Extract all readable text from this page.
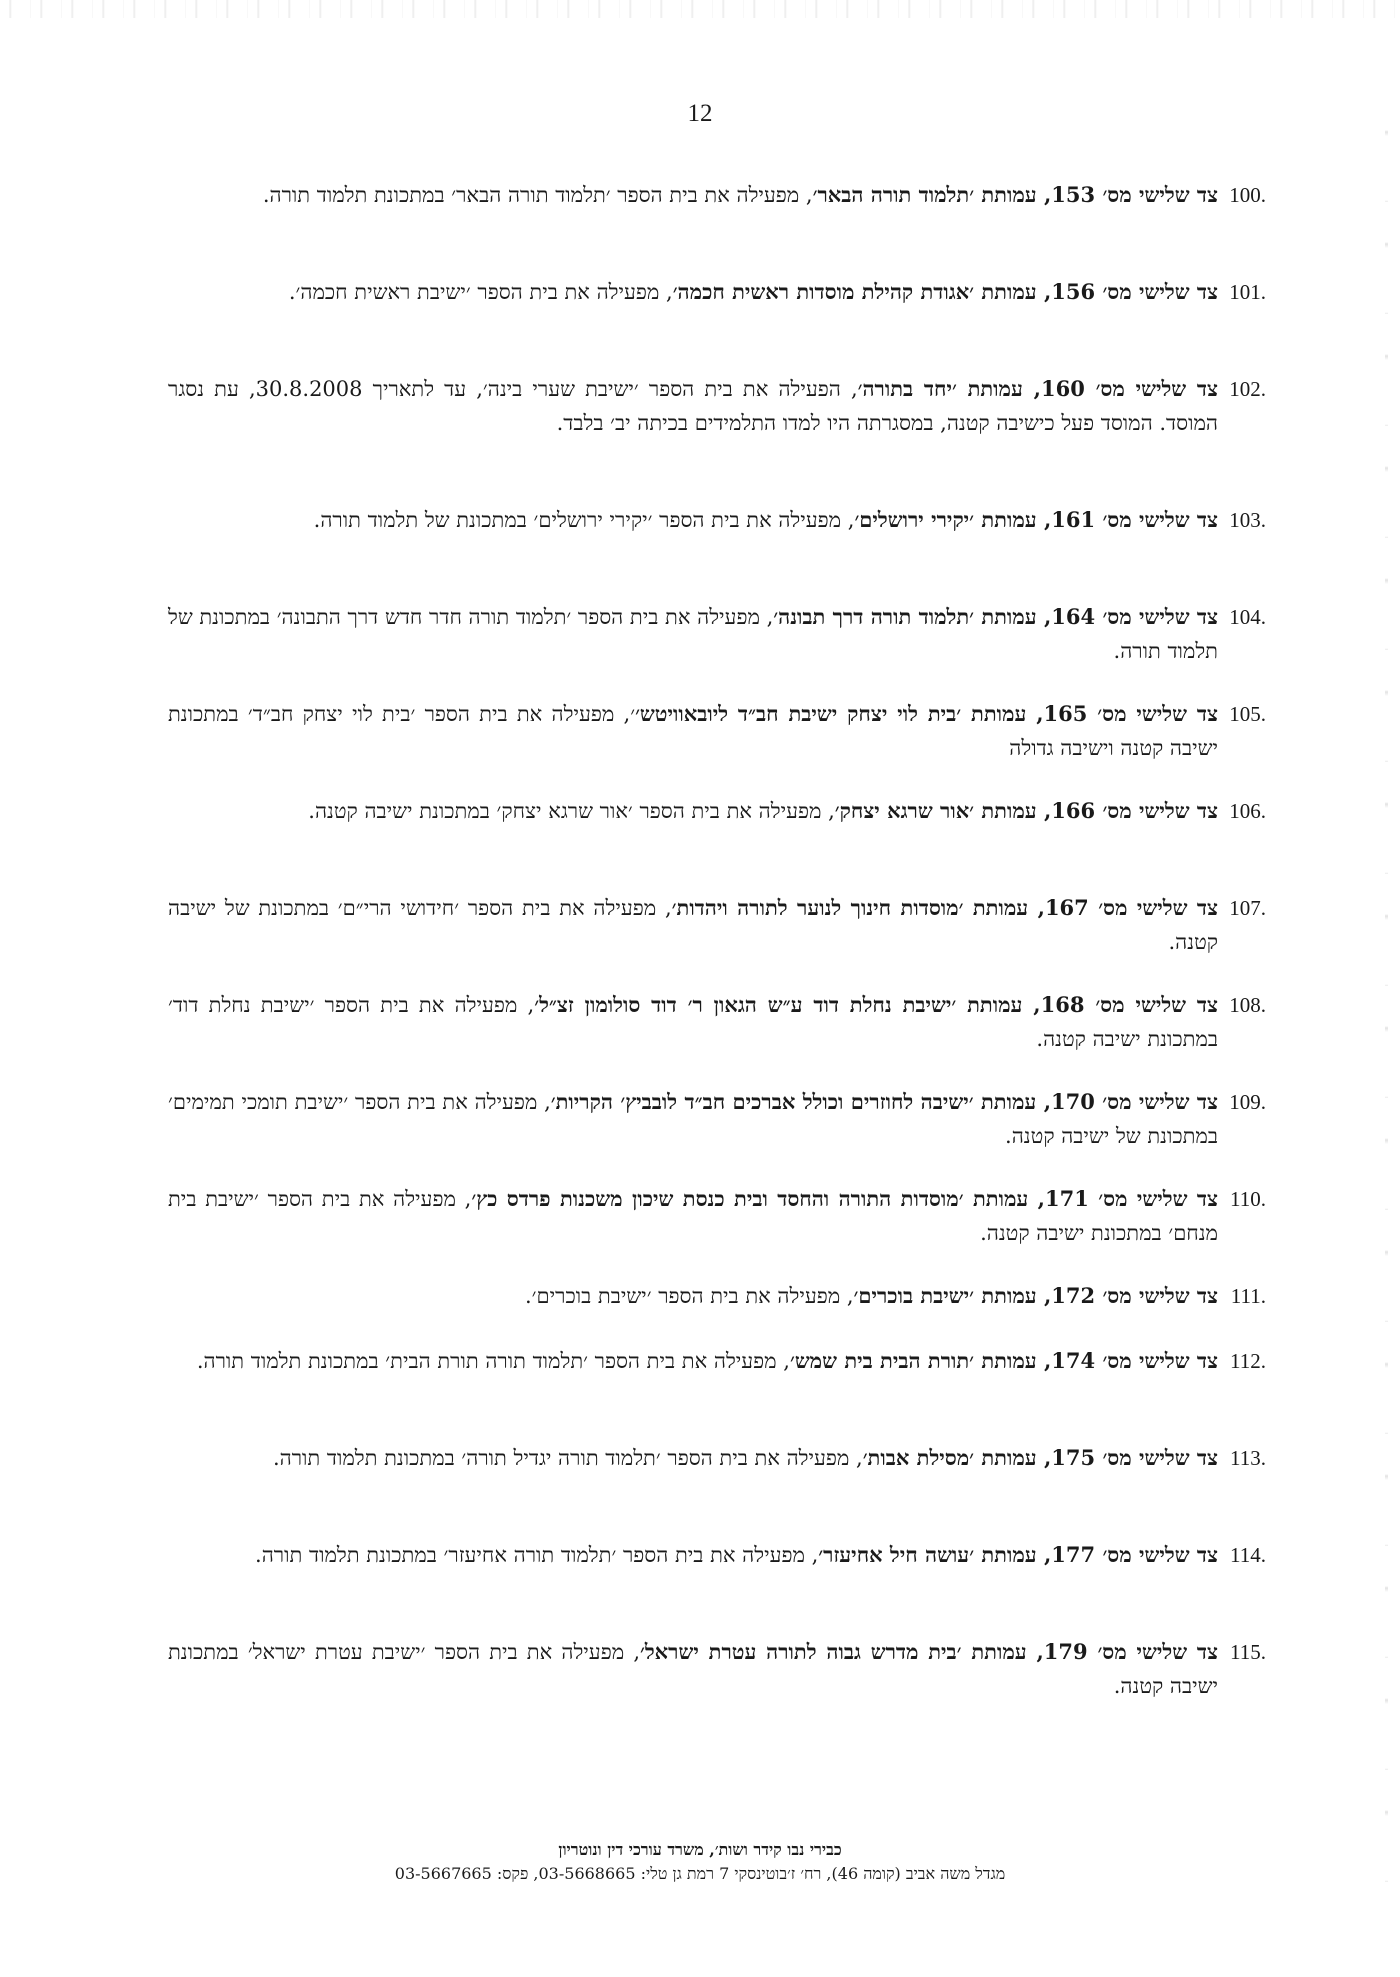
12
100.
צד שלישי מס׳ 153, עמותת ׳תלמוד תורה הבאר׳, מפעילה את בית הספר ׳תלמוד תורה הבאר׳ במתכונת תלמוד תורה.
101.
צד שלישי מס׳ 156, עמותת ׳אגודת קהילת מוסדות ראשית חכמה׳, מפעילה את בית הספר ׳ישיבת ראשית חכמה׳.
102.
צד שלישי מס׳ 160, עמותת ׳יחד בתורה׳, הפעילה את בית הספר ׳ישיבת שערי בינה׳, עד לתאריך 30.8.2008, עת נסגר המוסד. המוסד פעל כישיבה קטנה, במסגרתה היו למדו התלמידים בכיתה יב׳ בלבד.
103.
צד שלישי מס׳ 161, עמותת ׳יקירי ירושלים׳, מפעילה את בית הספר ׳יקירי ירושלים׳ במתכונת של תלמוד תורה.
104.
צד שלישי מס׳ 164, עמותת ׳תלמוד תורה דרך תבונה׳, מפעילה את בית הספר ׳תלמוד תורה חדר חדש דרך התבונה׳ במתכונת של תלמוד תורה.
105.
צד שלישי מס׳ 165, עמותת ׳בית לוי יצחק ישיבת חב״ד ליובאוויטש׳׳, מפעילה את בית הספר ׳בית לוי יצחק חב״ד׳ במתכונת ישיבה קטנה וישיבה גדולה
106.
צד שלישי מס׳ 166, עמותת ׳אור שרגא יצחק׳, מפעילה את בית הספר ׳אור שרגא יצחק׳ במתכונת ישיבה קטנה.
107.
צד שלישי מס׳ 167, עמותת ׳מוסדות חינוך לנוער לתורה ויהדות׳, מפעילה את בית הספר ׳חידושי הרי״ם׳ במתכונת של ישיבה קטנה.
108.
צד שלישי מס׳ 168, עמותת ׳ישיבת נחלת דוד ע״ש הגאון ר׳ דוד סולומון זצ״ל׳, מפעילה את בית הספר ׳ישיבת נחלת דוד׳ במתכונת ישיבה קטנה.
109.
צד שלישי מס׳ 170, עמותת ׳ישיבה לחוזרים וכולל אברכים חב״ד לובביץ׳ הקריות׳, מפעילה את בית הספר ׳ישיבת תומכי תמימים׳ במתכונת של ישיבה קטנה.
110.
צד שלישי מס׳ 171, עמותת ׳מוסדות התורה והחסד ובית כנסת שיכון משכנות פרדס כץ׳, מפעילה את בית הספר ׳ישיבת בית מנחם׳ במתכונת ישיבה קטנה.
111.
צד שלישי מס׳ 172, עמותת ׳ישיבת בוכרים׳, מפעילה את בית הספר ׳ישיבת בוכרים׳.
112.
צד שלישי מס׳ 174, עמותת ׳תורת הבית בית שמש׳, מפעילה את בית הספר ׳תלמוד תורה תורת הבית׳ במתכונת תלמוד תורה.
113.
צד שלישי מס׳ 175, עמותת ׳מסילת אבות׳, מפעילה את בית הספר ׳תלמוד תורה יגדיל תורה׳ במתכונת תלמוד תורה.
114.
צד שלישי מס׳ 177, עמותת ׳עושה חיל אחיעזר׳, מפעילה את בית הספר ׳תלמוד תורה אחיעזר׳ במתכונת תלמוד תורה.
115.
צד שלישי מס׳ 179, עמותת ׳בית מדרש גבוה לתורה עטרת ישראל׳, מפעילה את בית הספר ׳ישיבת עטרת ישראל׳ במתכונת ישיבה קטנה.
כבירי נבו קידר ושות׳, משרד עורכי דין ונוטריון
מגדל משה אביב (קומה 46), רח׳ ז׳בוטינסקי 7 רמת גן טלי: 03-5668665, פקס: 03-5667665
